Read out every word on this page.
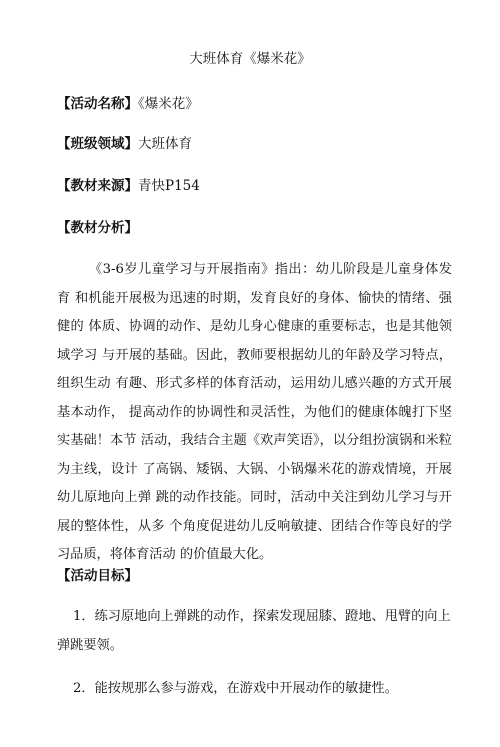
大班体育《爆米花》
【活动名称】《爆米花》
【班级领域】大班体育
【教材来源】青快P154
【教材分析】
《3-6岁儿童学习与开展指南》指出：幼儿阶段是儿童身体发育 和机能开展极为迅速的时期，发育良好的身体、愉快的情绪、强健的 体质、协调的动作、是幼儿身心健康的重要标志，也是其他领域学习 与开展的基础。因此，教师要根据幼儿的年龄及学习特点，组织生动 有趣、形式多样的体育活动，运用幼儿感兴趣的方式开展基本动作， 提高动作的协调性和灵活性，为他们的健康体魄打下坚实基础！本节 活动，我结合主题《欢声笑语》，以分组扮演锅和米粒为主线，设计 了高锅、矮锅、大锅、小锅爆米花的游戏情境，开展幼儿原地向上弹 跳的动作技能。同时，活动中关注到幼儿学习与开展的整体性，从多 个角度促进幼儿反响敏捷、团结合作等良好的学习品质，将体育活动 的价值最大化。
【活动目标】
1．练习原地向上弹跳的动作，探索发现屈膝、蹬地、甩臂的向上弹跳要领。
2．能按规那么参与游戏，在游戏中开展动作的敏捷性。
